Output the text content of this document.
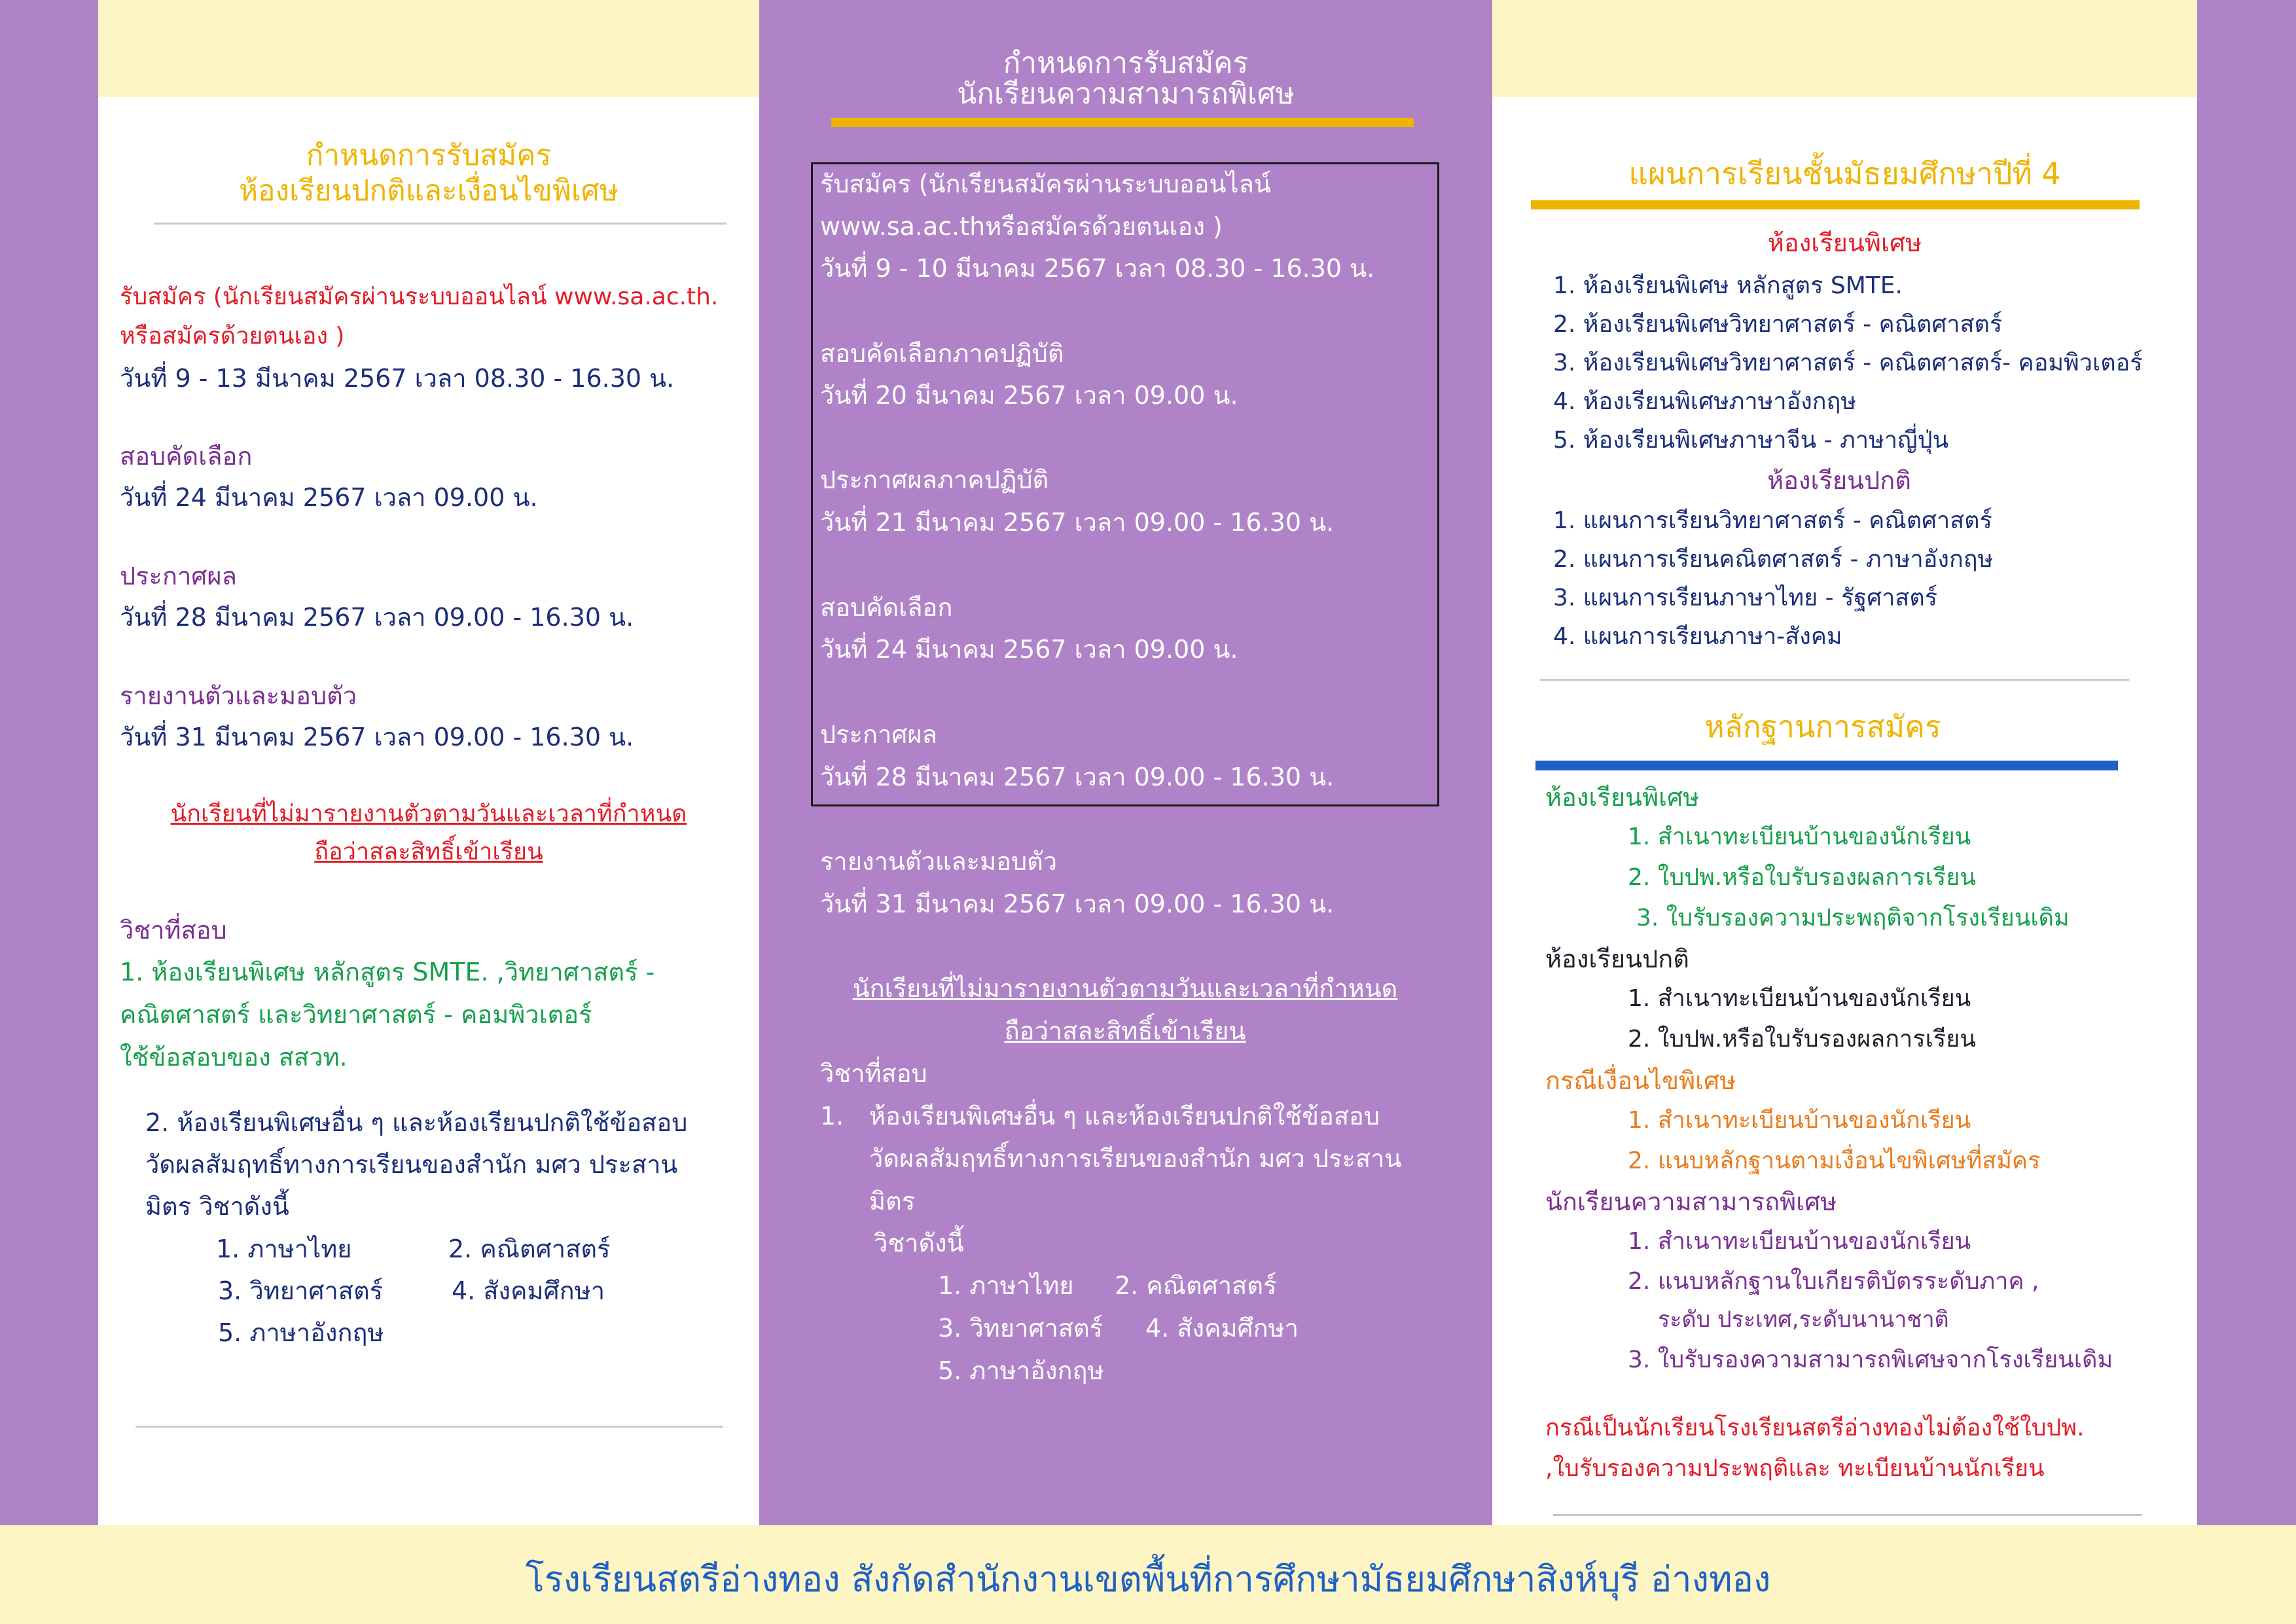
กำหนดการรับสมัคร
ห้องเรียนปกติและเงื่อนไขพิเศษ
รับสมัคร (นักเรียนสมัครผ่านระบบออนไลน์ www.sa.ac.th.
หรือสมัครด้วยตนเอง )
วันที่ 9 - 13 มีนาคม 2567 เวลา 08.30 - 16.30 น.
สอบคัดเลือก
วันที่ 24 มีนาคม 2567 เวลา 09.00 น.
ประกาศผล
วันที่ 28 มีนาคม 2567 เวลา 09.00 - 16.30 น.
รายงานตัวและมอบตัว
วันที่ 31 มีนาคม 2567 เวลา 09.00 - 16.30 น.
นักเรียนที่ไม่มารายงานตัวตามวันและเวลาที่กำหนด
ถือว่าสละสิทธิ์เข้าเรียน
วิชาที่สอบ
1. ห้องเรียนพิเศษ หลักสูตร SMTE. ,วิทยาศาสตร์ -
คณิตศาสตร์ และวิทยาศาสตร์ - คอมพิวเตอร์
ใช้ข้อสอบของ สสวท.
2. ห้องเรียนพิเศษอื่น ๆ และห้องเรียนปกติใช้ข้อสอบ
วัดผลสัมฤทธิ์ทางการเรียนของสำนัก มศว ประสาน
มิตร วิชาดังนี้
1. ภาษาไทย	2. คณิตศาสตร์
3. วิทยาศาสตร์	4. สังคมศึกษา
5. ภาษาอังกฤษ
กำหนดการรับสมัคร
นักเรียนความสามารถพิเศษ
รับสมัคร (นักเรียนสมัครผ่านระบบออนไลน์
www.sa.ac.thหรือสมัครด้วยตนเอง )
วันที่ 9 - 10 มีนาคม 2567 เวลา 08.30 - 16.30 น.
สอบคัดเลือกภาคปฏิบัติ
วันที่ 20 มีนาคม 2567 เวลา 09.00 น.
ประกาศผลภาคปฏิบัติ
วันที่ 21 มีนาคม 2567 เวลา 09.00 - 16.30 น.
สอบคัดเลือก
วันที่ 24 มีนาคม 2567 เวลา 09.00 น.
ประกาศผล
วันที่ 28 มีนาคม 2567 เวลา 09.00 - 16.30 น.
รายงานตัวและมอบตัว
วันที่ 31 มีนาคม 2567 เวลา 09.00 - 16.30 น.
นักเรียนที่ไม่มารายงานตัวตามวันและเวลาที่กำหนด
ถือว่าสละสิทธิ์เข้าเรียน
วิชาที่สอบ
1. ห้องเรียนพิเศษอื่น ๆ และห้องเรียนปกติใช้ข้อสอบ
วัดผลสัมฤทธิ์ทางการเรียนของสำนัก มศว ประสาน
มิตร
วิชาดังนี้
1. ภาษาไทย 2. คณิตศาสตร์
3. วิทยาศาสตร์ 4. สังคมศึกษา
5. ภาษาอังกฤษ
แผนการเรียนชั้นมัธยมศึกษาปีที่ 4
ห้องเรียนพิเศษ
1. ห้องเรียนพิเศษ หลักสูตร SMTE.
2. ห้องเรียนพิเศษวิทยาศาสตร์ - คณิตศาสตร์
3. ห้องเรียนพิเศษวิทยาศาสตร์ - คณิตศาสตร์- คอมพิวเตอร์
4. ห้องเรียนพิเศษภาษาอังกฤษ
5. ห้องเรียนพิเศษภาษาจีน - ภาษาญี่ปุ่น
ห้องเรียนปกติ
1. แผนการเรียนวิทยาศาสตร์ - คณิตศาสตร์
2. แผนการเรียนคณิตศาสตร์ - ภาษาอังกฤษ
3. แผนการเรียนภาษาไทย - รัฐศาสตร์
4. แผนการเรียนภาษา-สังคม
หลักฐานการสมัคร
ห้องเรียนพิเศษ
1. สำเนาทะเบียนบ้านของนักเรียน
2. ใบปพ.หรือใบรับรองผลการเรียน
3. ใบรับรองความประพฤติจากโรงเรียนเดิม
ห้องเรียนปกติ
1. สำเนาทะเบียนบ้านของนักเรียน
2. ใบปพ.หรือใบรับรองผลการเรียน
กรณีเงื่อนไขพิเศษ
1. สำเนาทะเบียนบ้านของนักเรียน
2. แนบหลักฐานตามเงื่อนไขพิเศษที่สมัคร
นักเรียนความสามารถพิเศษ
1. สำเนาทะเบียนบ้านของนักเรียน
2. แนบหลักฐานใบเกียรติบัตรระดับภาค ,
ระดับ ประเทศ,ระดับนานาชาติ
3. ใบรับรองความสามารถพิเศษจากโรงเรียนเดิม
กรณีเป็นนักเรียนโรงเรียนสตรีอ่างทองไม่ต้องใช้ใบปพ.
,ใบรับรองความประพฤติและ ทะเบียนบ้านนักเรียน
โรงเรียนสตรีอ่างทอง สังกัดสำนักงานเขตพื้นที่การศึกษามัธยมศึกษาสิงห์บุรี อ่างทอง
